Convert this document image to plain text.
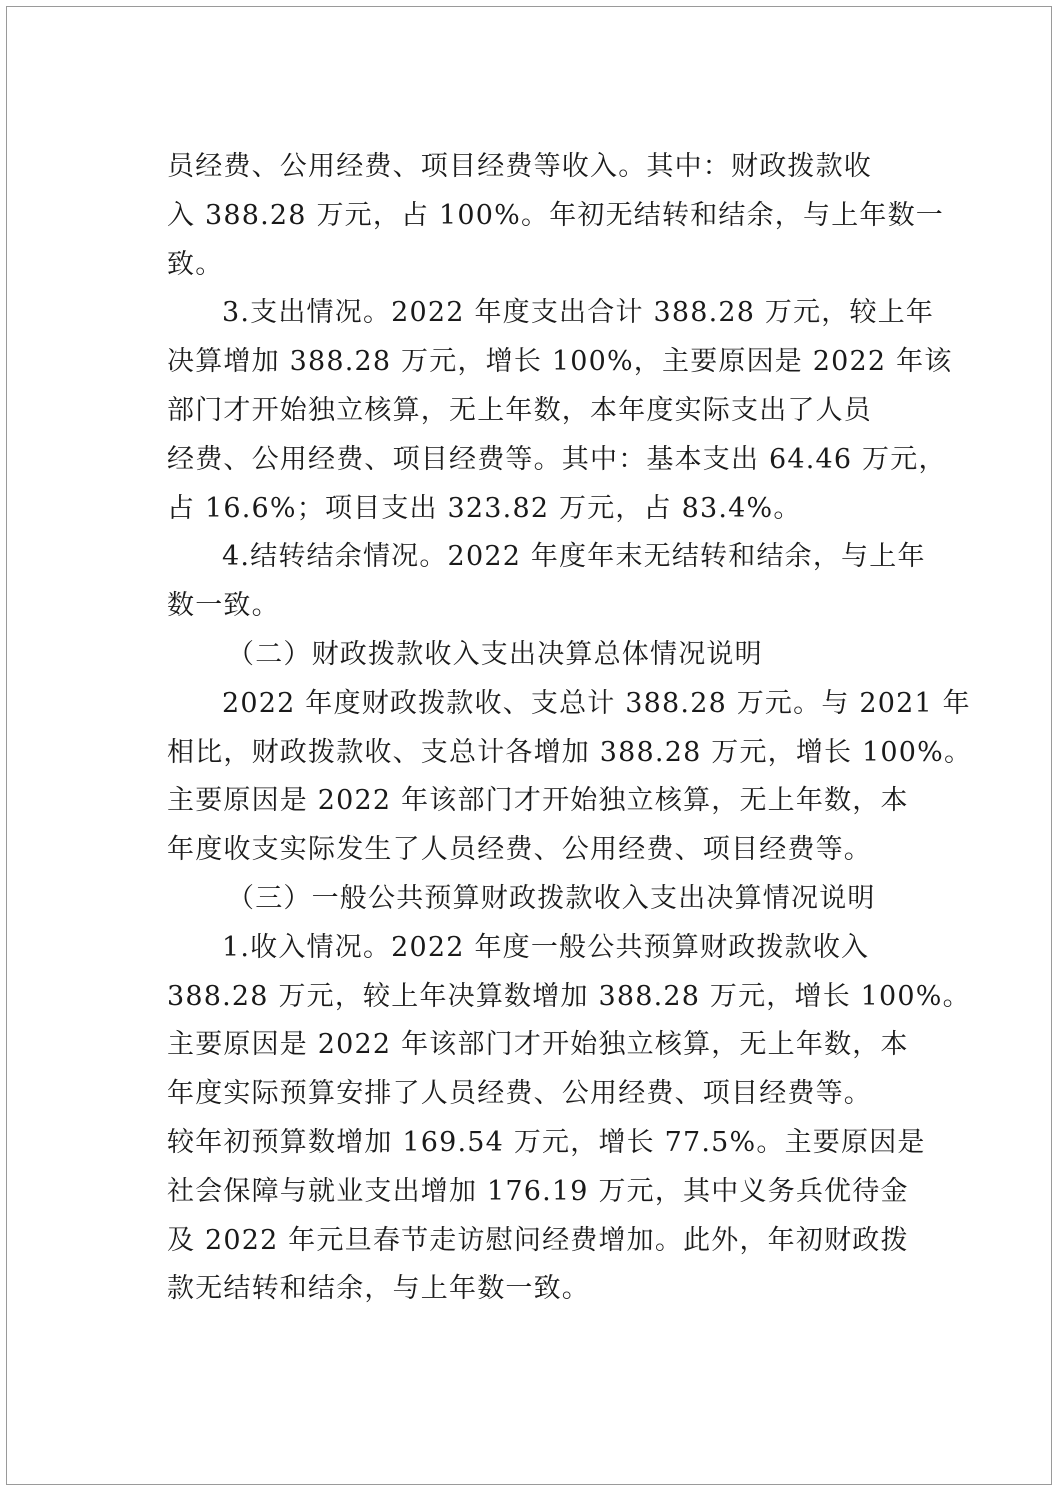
员经费、公用经费、项目经费等收入。其中：财政拨款收
入 388.28 万元，占 100%。年初无结转和结余，与上年数一
致。
3.支出情况。2022 年度支出合计 388.28 万元，较上年
决算增加 388.28 万元，增长 100%，主要原因是 2022 年该
部门才开始独立核算，无上年数，本年度实际支出了人员
经费、公用经费、项目经费等。其中：基本支出 64.46 万元，
占 16.6%；项目支出 323.82 万元，占 83.4%。
4.结转结余情况。2022 年度年末无结转和结余，与上年
数一致。
（二）财政拨款收入支出决算总体情况说明
2022 年度财政拨款收、支总计 388.28 万元。与 2021 年
相比，财政拨款收、支总计各增加 388.28 万元，增长 100%。
主要原因是 2022 年该部门才开始独立核算，无上年数，本
年度收支实际发生了人员经费、公用经费、项目经费等。
（三）一般公共预算财政拨款收入支出决算情况说明
1.收入情况。2022 年度一般公共预算财政拨款收入
388.28 万元，较上年决算数增加 388.28 万元，增长 100%。
主要原因是 2022 年该部门才开始独立核算，无上年数，本
年度实际预算安排了人员经费、公用经费、项目经费等。
较年初预算数增加 169.54 万元，增长 77.5%。主要原因是
社会保障与就业支出增加 176.19 万元，其中义务兵优待金
及 2022 年元旦春节走访慰问经费增加。此外，年初财政拨
款无结转和结余，与上年数一致。
